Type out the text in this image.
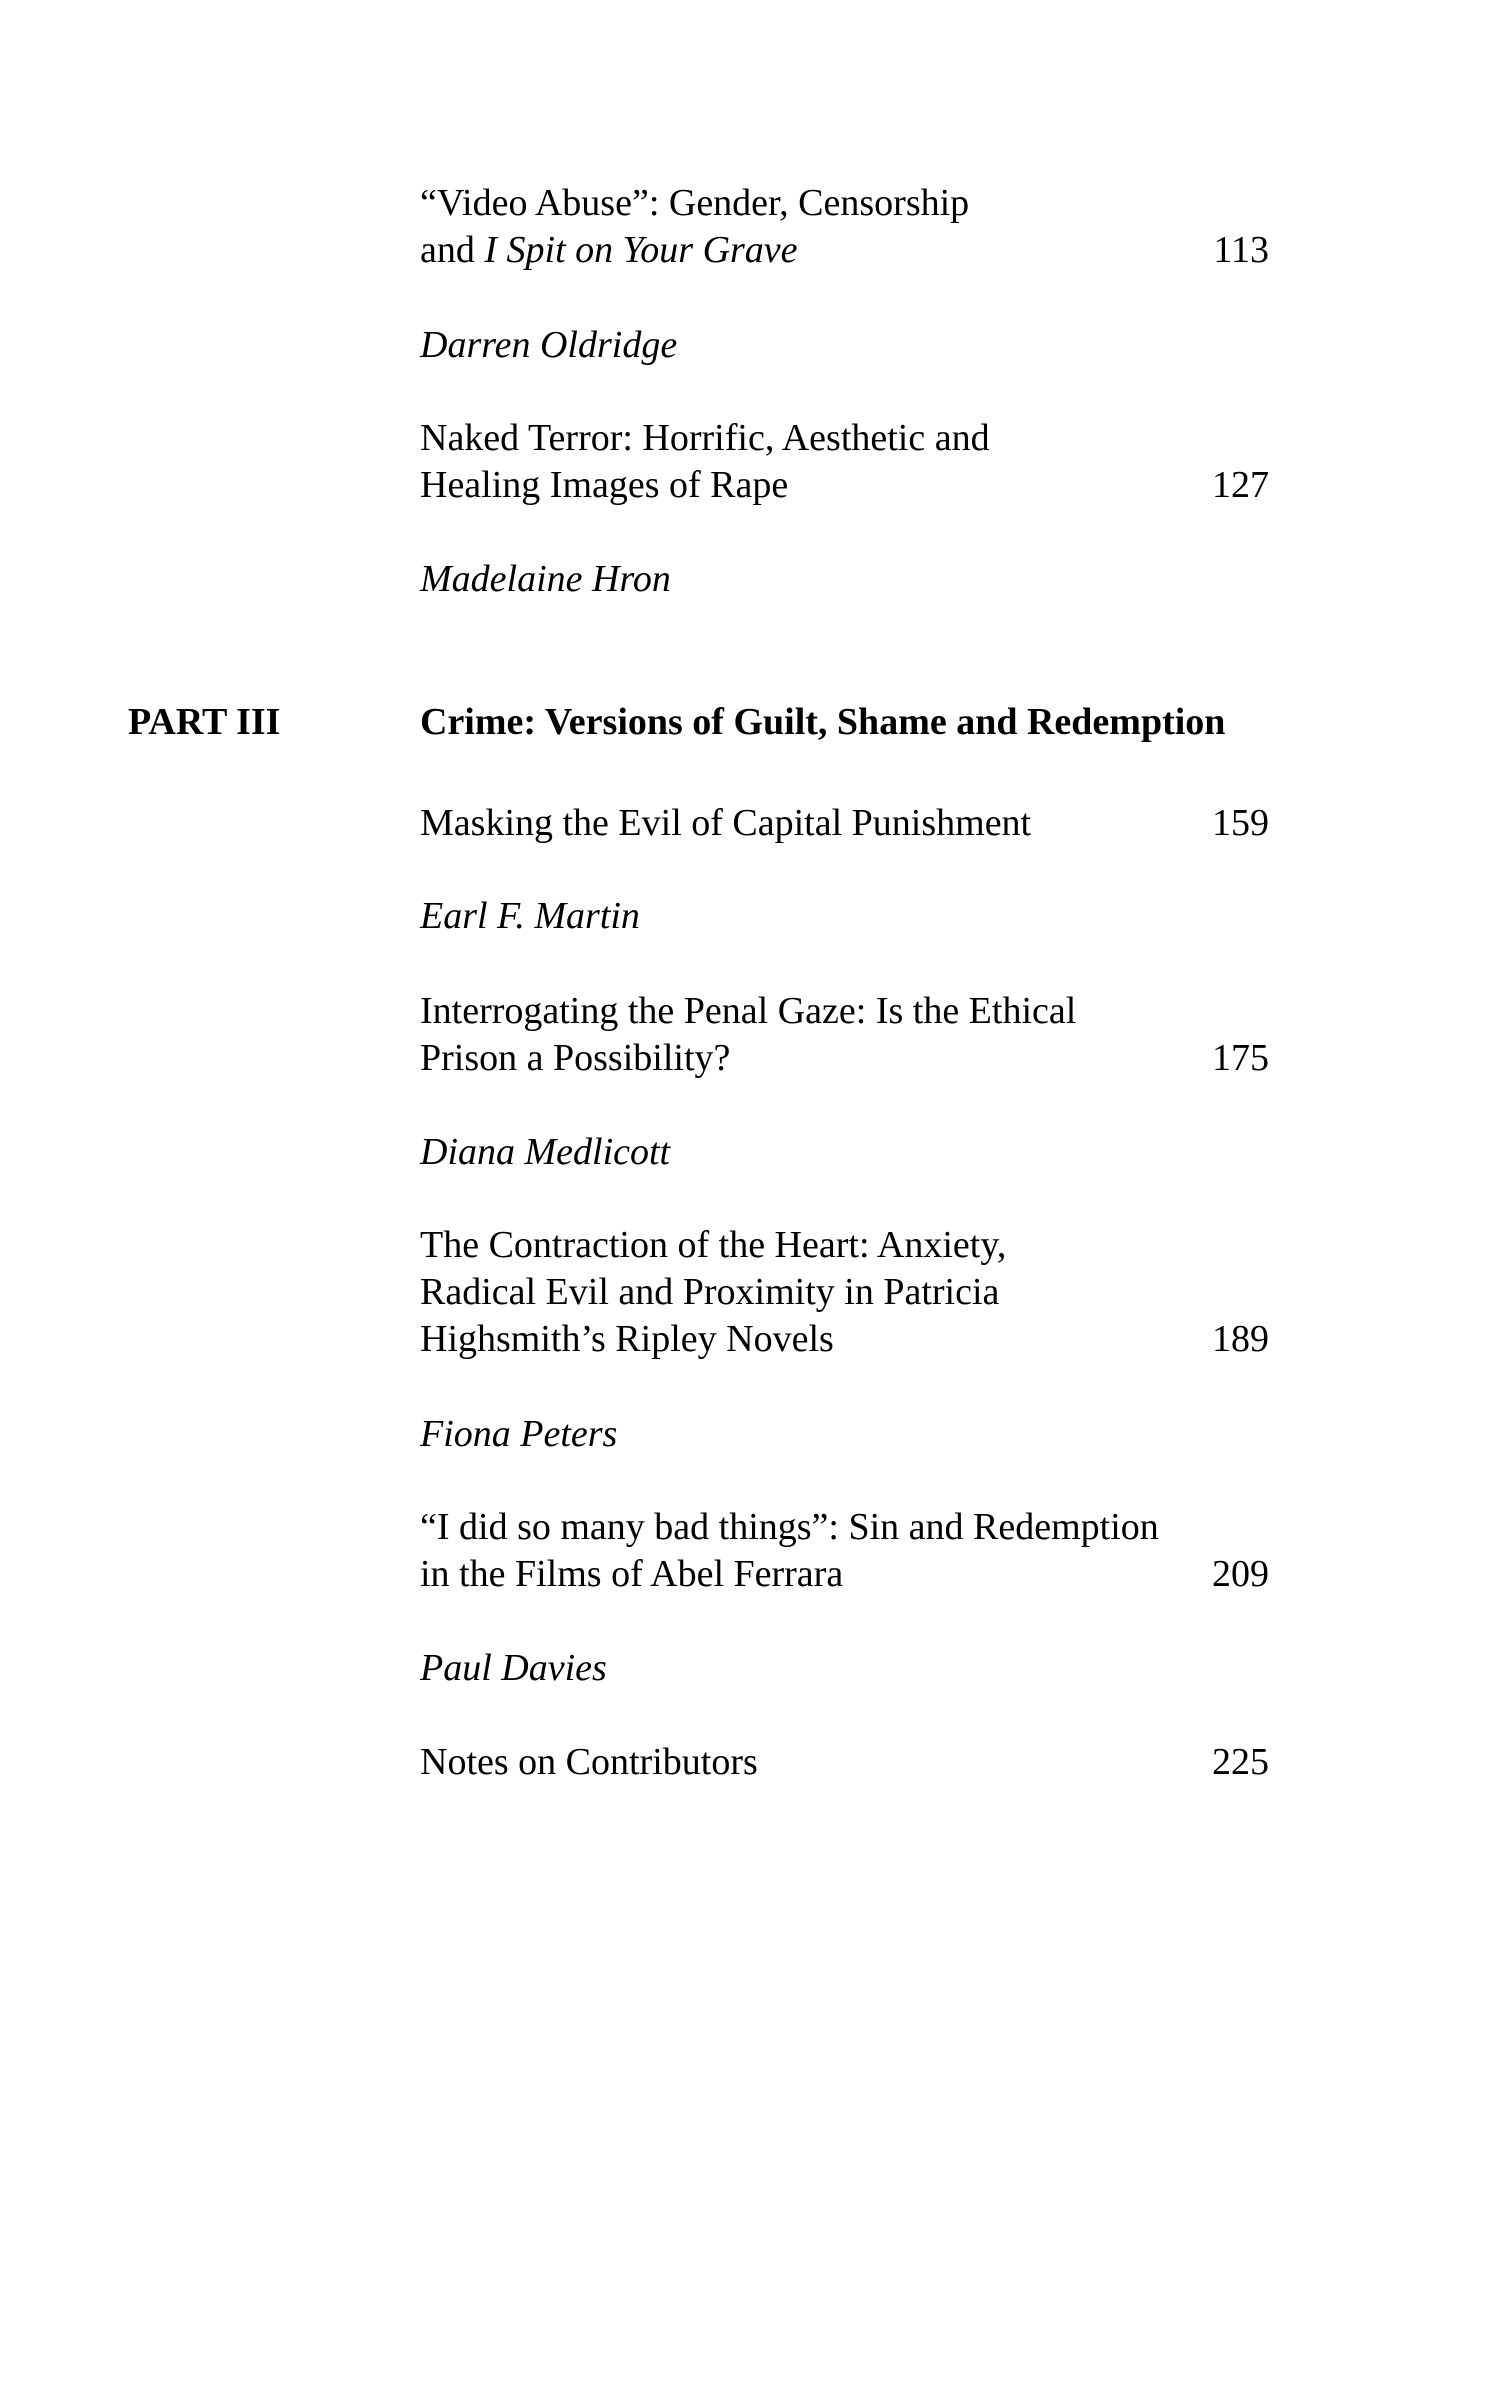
“Video Abuse”: Gender, Censorship
and I Spit on Your Grave	113
Darren Oldridge
Naked Terror: Horrific, Aesthetic and
Healing Images of Rape	127
Madelaine Hron
PART III	Crime: Versions of Guilt, Shame and Redemption
Masking the Evil of Capital Punishment	159
Earl F. Martin
Interrogating the Penal Gaze: Is the Ethical
Prison a Possibility?	175
Diana Medlicott
The Contraction of the Heart: Anxiety,
Radical Evil and Proximity in Patricia
Highsmith’s Ripley Novels	189
Fiona Peters
“I did so many bad things”: Sin and Redemption
in the Films of Abel Ferrara	209
Paul Davies
Notes on Contributors	225
